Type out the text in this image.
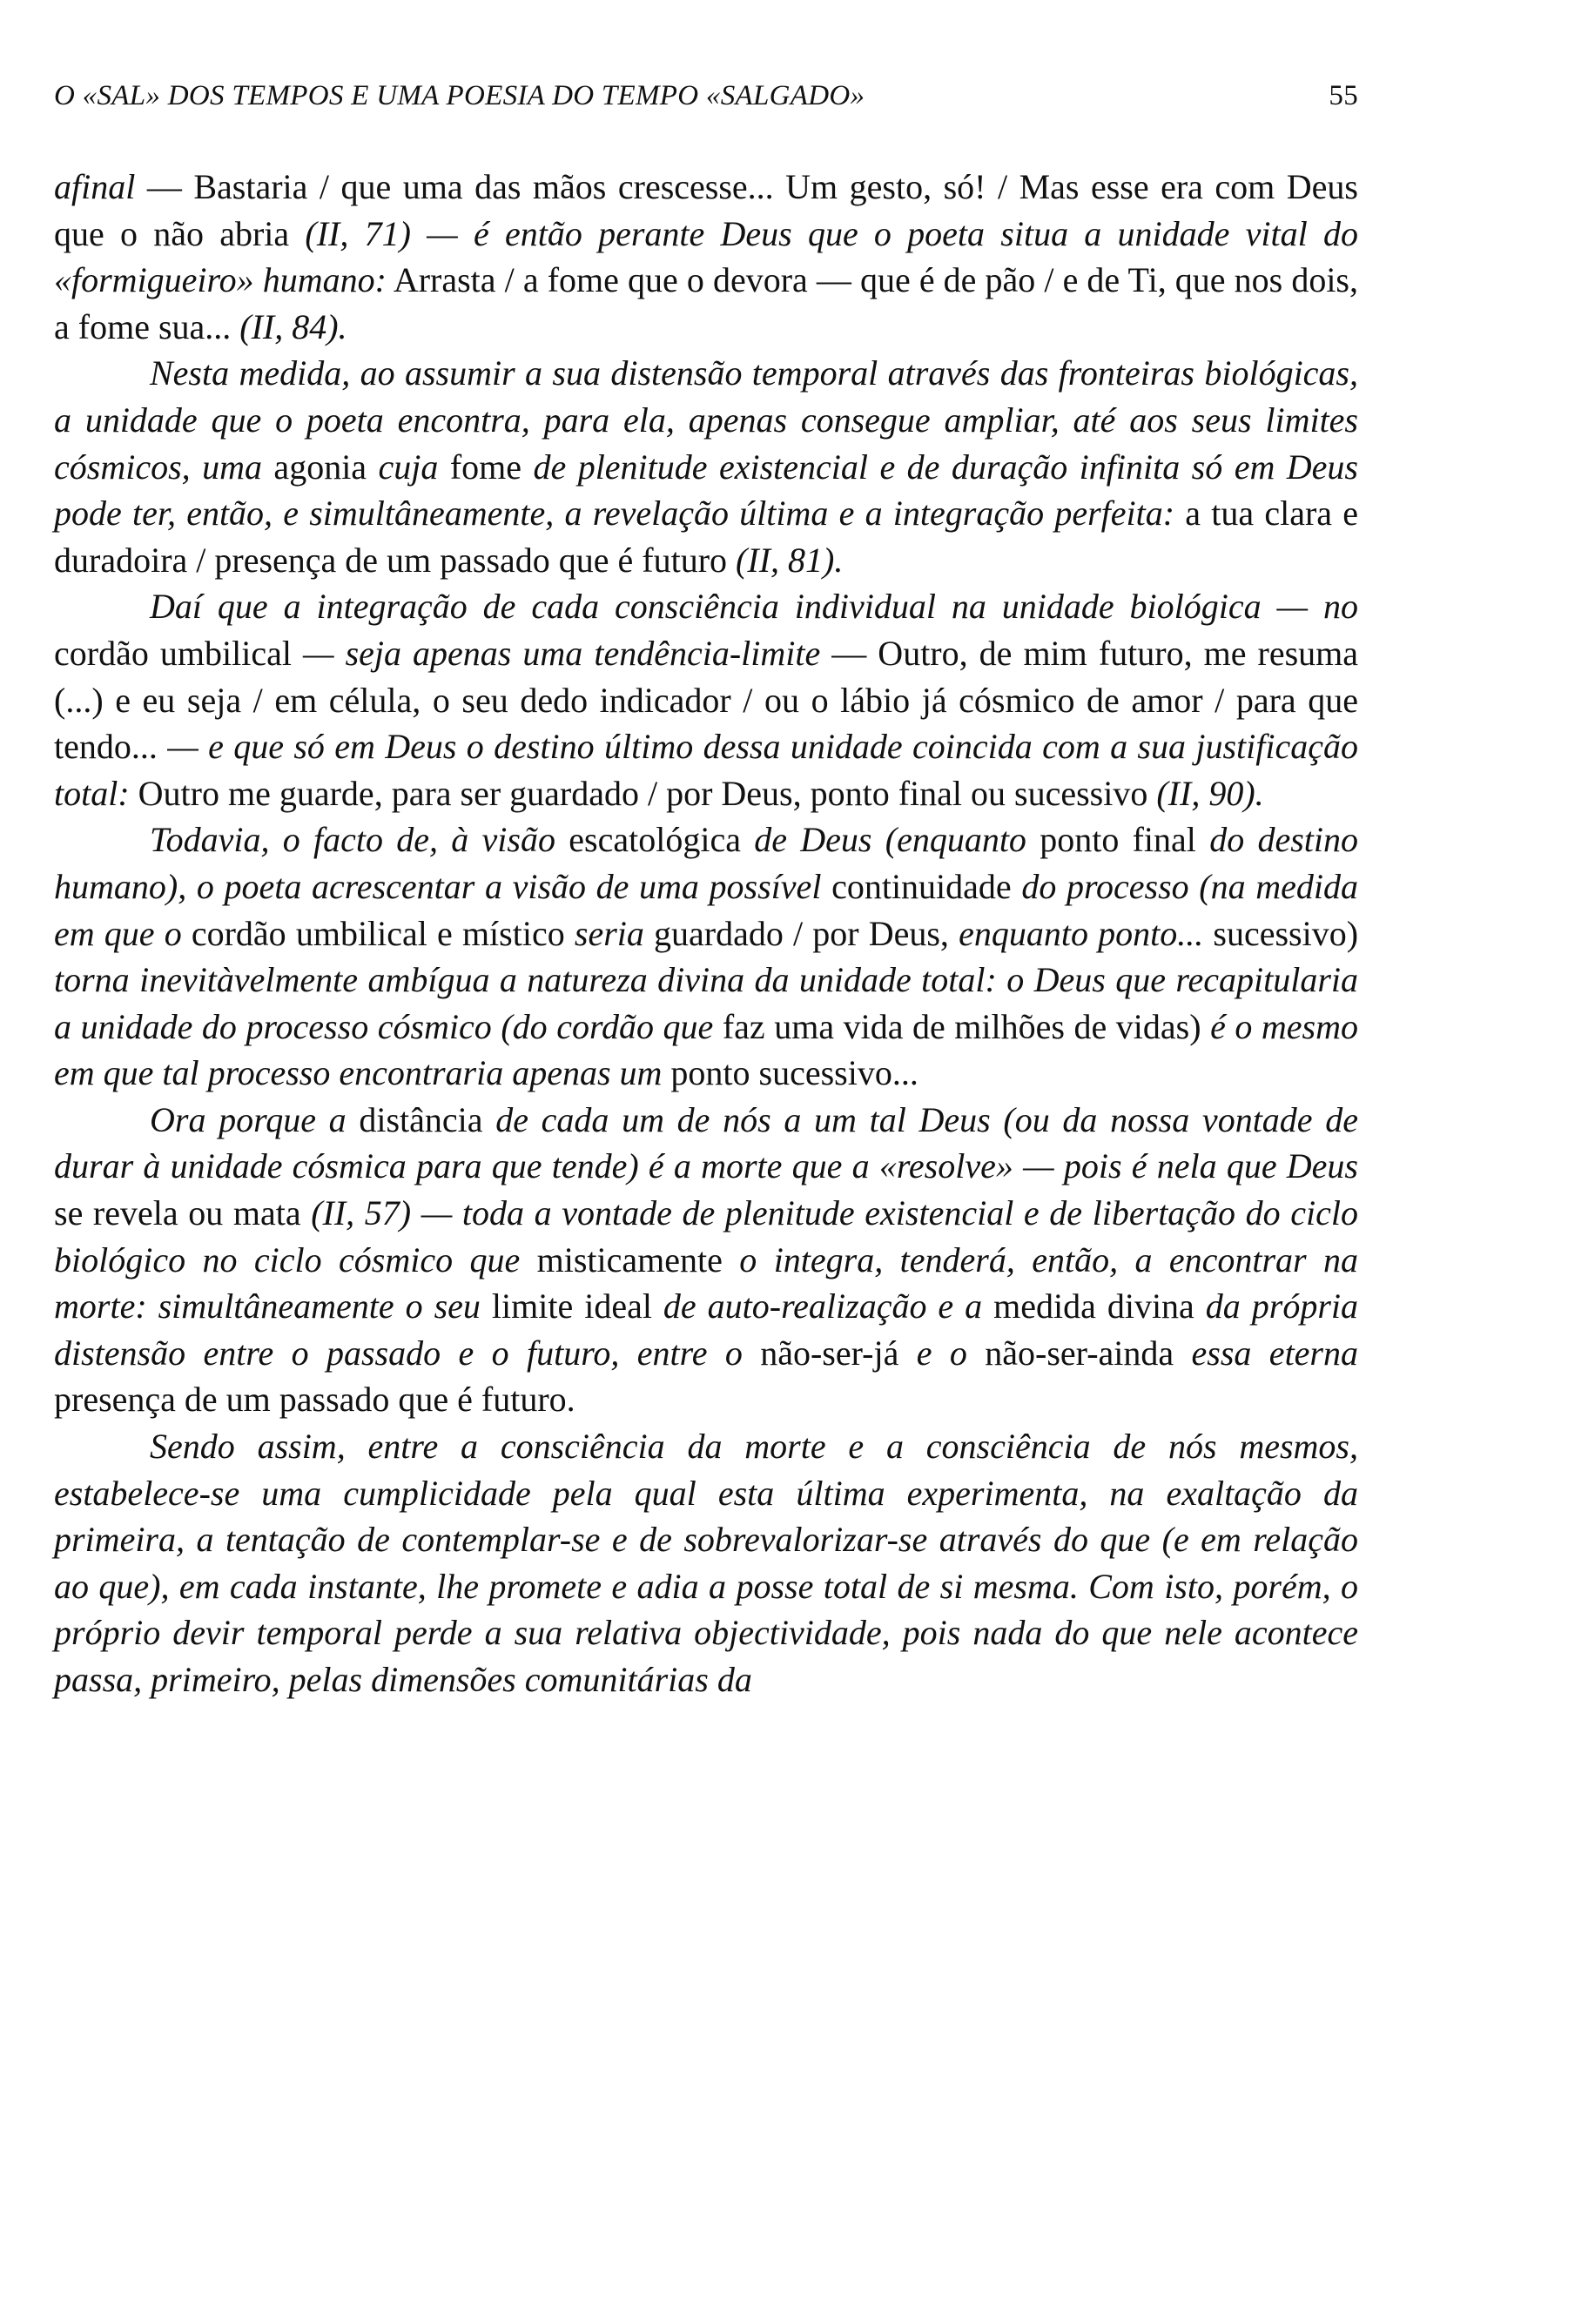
O «SAL» DOS TEMPOS E UMA POESIA DO TEMPO «SALGADO»	55

afinal — Bastaria / que uma das mãos crescesse... Um gesto, só! / Mas esse era com Deus que o não abria (II, 71) — é então perante Deus que o poeta situa a unidade vital do «formigueiro» humano: Arrasta / a fome que o devora — que é de pão / e de Ti, que nos dois, a fome sua... (II, 84).

Nesta medida, ao assumir a sua distensão temporal através das fronteiras biológicas, a unidade que o poeta encontra, para ela, apenas consegue ampliar, até aos seus limites cósmicos, uma agonia cuja fome de plenitude existencial e de duração infinita só em Deus pode ter, então, e simultâneamente, a revelação última e a integração perfeita: a tua clara e duradoira / presença de um passado que é futuro (II, 81).

Daí que a integração de cada consciência individual na unidade biológica — no cordão umbilical — seja apenas uma tendência-limite — Outro, de mim futuro, me resuma (...) e eu seja / em célula, o seu dedo indicador / ou o lábio já cósmico de amor / para que tendo... — e que só em Deus o destino último dessa unidade coincida com a sua justificação total: Outro me guarde, para ser guardado / por Deus, ponto final ou sucessivo (II, 90).

Todavia, o facto de, à visão escatológica de Deus (enquanto ponto final do destino humano), o poeta acrescentar a visão de uma possível continuidade do processo (na medida em que o cordão umbilical e místico seria guardado / por Deus, enquanto ponto... sucessivo) torna inevitàvelmente ambígua a natureza divina da unidade total: o Deus que recapitularia a unidade do processo cósmico (do cordão que faz uma vida de milhões de vidas) é o mesmo em que tal processo encontraria apenas um ponto sucessivo...

Ora porque a distância de cada um de nós a um tal Deus (ou da nossa vontade de durar à unidade cósmica para que tende) é a morte que a «resolve» — pois é nela que Deus se revela ou mata (II, 57) — toda a vontade de plenitude existencial e de libertação do ciclo biológico no ciclo cósmico que misticamente o integra, tenderá, então, a encontrar na morte: simultâneamente o seu limite ideal de auto-realização e a medida divina da própria distensão entre o passado e o futuro, entre o não-ser-já e o não-ser-ainda essa eterna presença de um passado que é futuro.

Sendo assim, entre a consciência da morte e a consciência de nós mesmos, estabelece-se uma cumplicidade pela qual esta última experimenta, na exaltação da primeira, a tentação de contemplar-se e de sobrevalorizar-se através do que (e em relação ao que), em cada instante, lhe promete e adia a posse total de si mesma. Com isto, porém, o próprio devir temporal perde a sua relativa objectividade, pois nada do que nele acontece passa, primeiro, pelas dimensões comunitárias da
